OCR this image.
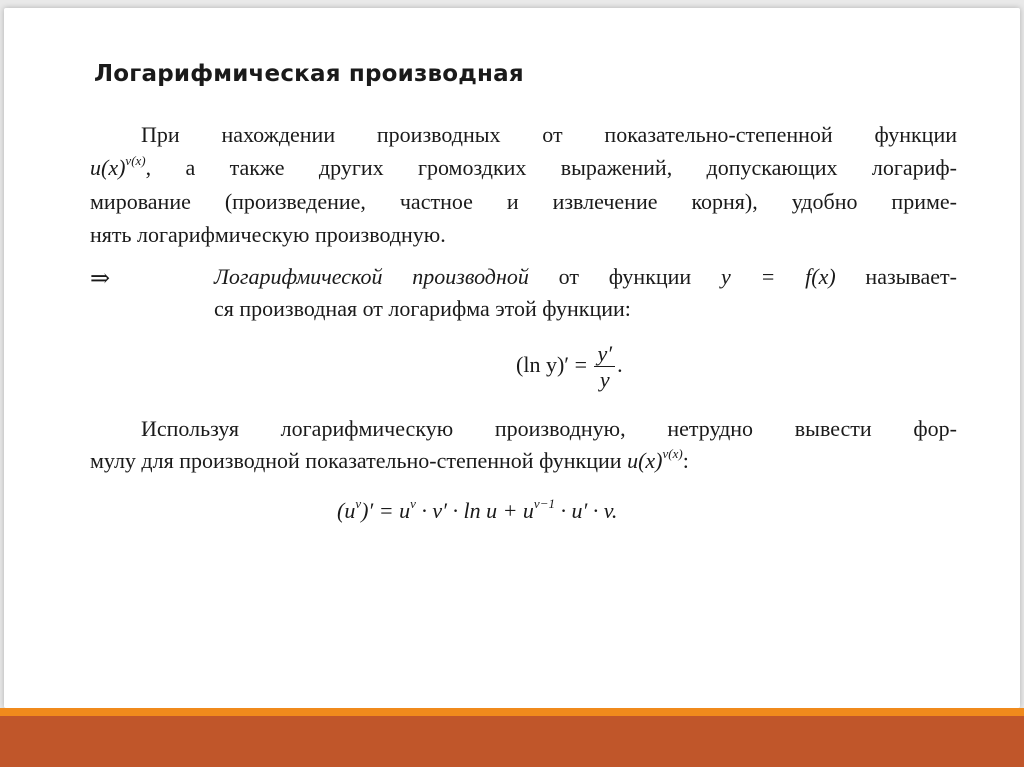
Логарифмическая производная
При нахождении производных от показательно-степенной функции
$u(x)^{v(x)}$, а также других громоздких выражений, допускающих логариф-
мирование (произведение, частное и извлечение корня), удобно приме-
нять логарифмическую производную.
⇒	Логарифмической производной от функции y = f(x) называет-
ся производная от логарифма этой функции:
(ln $y)' = \frac{y'}{y}$ .
Используя логарифмическую производную, нетрудно вывести фор-
мулу для производной показательно-степенной функции $u(x)^{v(x)}$:
$(u^v)' = u^v \cdot v' \cdot \ln u + u^{v-1} \cdot u' \cdot v$.
